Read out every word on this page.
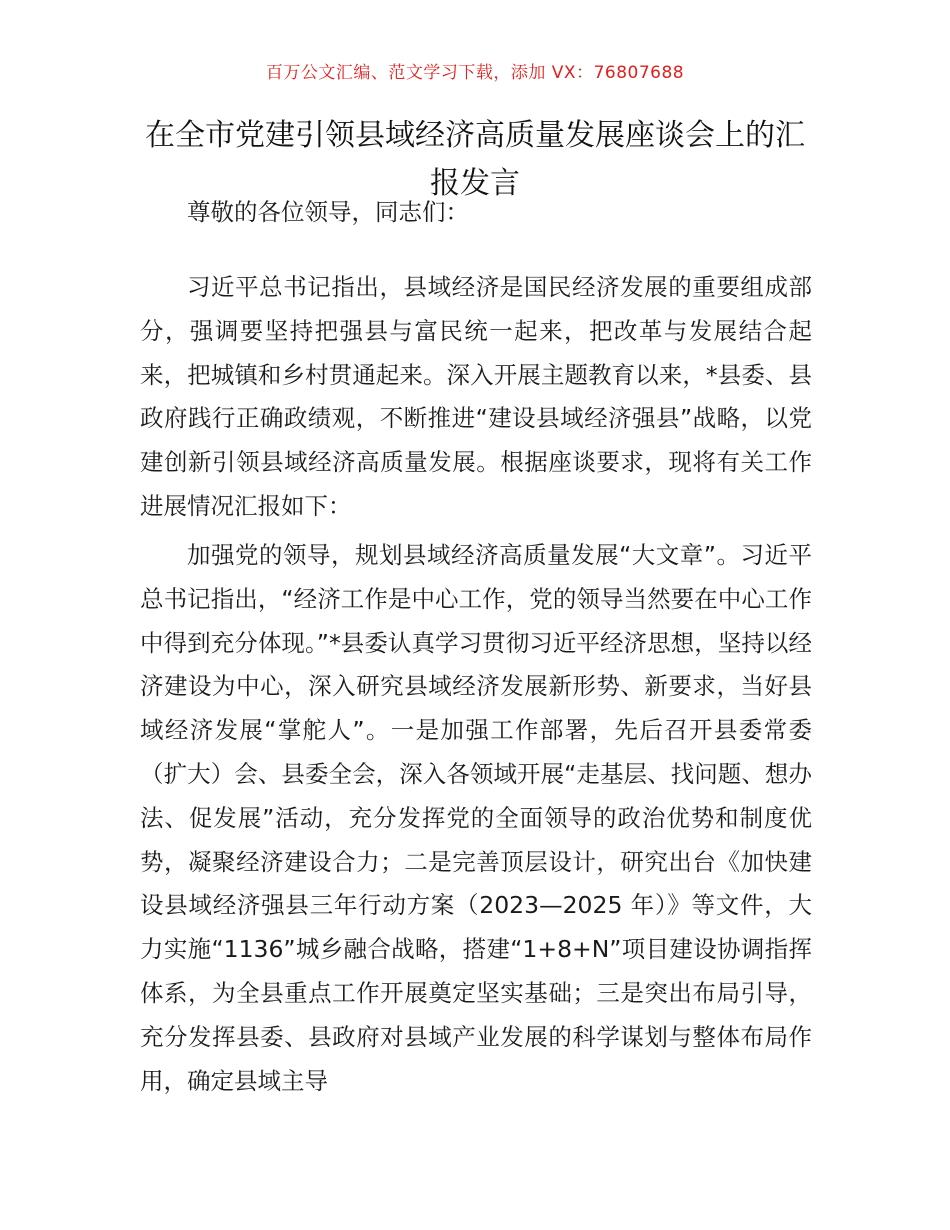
百万公文汇编、范文学习下载，添加 VX：76807688
在全市党建引领县域经济高质量发展座谈会上的汇报发言

尊敬的各位领导，同志们：

习近平总书记指出，县域经济是国民经济发展的重要组成部分，强调要坚持把强县与富民统一起来，把改革与发展结合起来，把城镇和乡村贯通起来。深入开展主题教育以来，*县委、县政府践行正确政绩观，不断推进“建设县域经济强县”战略，以党建创新引领县域经济高质量发展。根据座谈要求，现将有关工作进展情况汇报如下：

加强党的领导，规划县域经济高质量发展“大文章”。习近平总书记指出，“经济工作是中心工作，党的领导当然要在中心工作中得到充分体现。”*县委认真学习贯彻习近平经济思想，坚持以经济建设为中心，深入研究县域经济发展新形势、新要求，当好县域经济发展“掌舵人”。一是加强工作部署，先后召开县委常委（扩大）会、县委全会，深入各领域开展“走基层、找问题、想办法、促发展”活动，充分发挥党的全面领导的政治优势和制度优势，凝聚经济建设合力；二是完善顶层设计，研究出台《加快建设县域经济强县三年行动方案（2023—2025 年）》等文件，大力实施“1136”城乡融合战略，搭建“1+8+N”项目建设协调指挥体系，为全县重点工作开展奠定坚实基础；三是突出布局引导，充分发挥县委、县政府对县域产业发展的科学谋划与整体布局作用，确定县域主导
